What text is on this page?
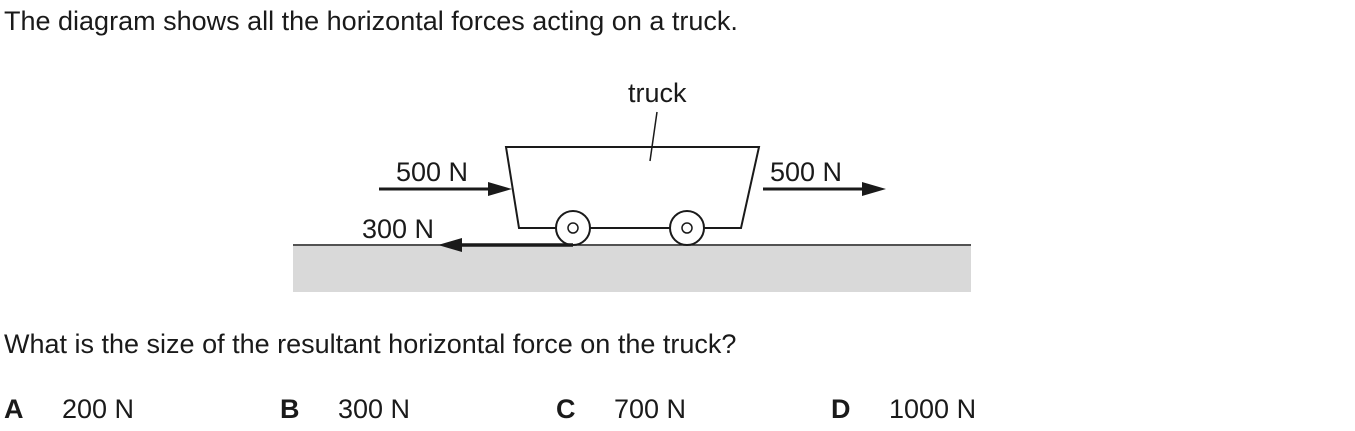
The diagram shows all the horizontal forces acting on a truck.
truck
500 N	500 N
300 N
What is the size of the resultant horizontal force on the truck?
A 200 N	B 300 N	C 700 N	D 1000 N
